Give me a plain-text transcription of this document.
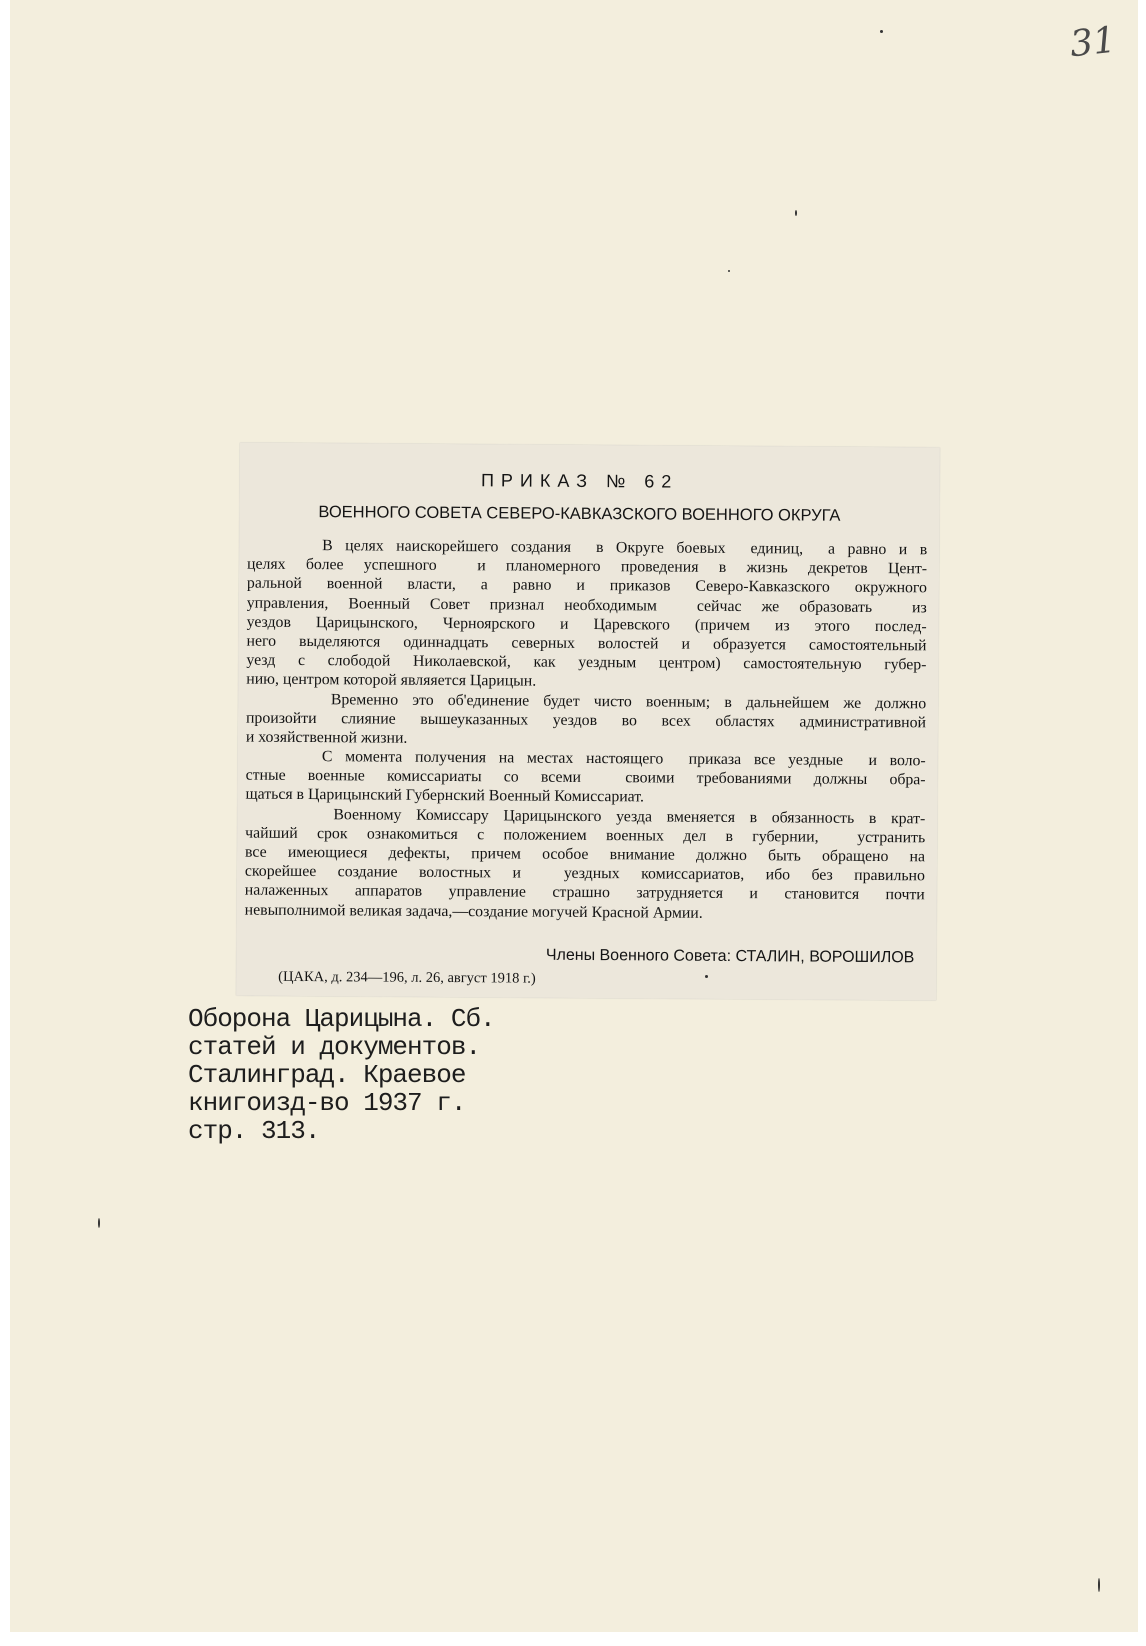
31
ПРИКАЗ № 62
ВОЕННОГО СОВЕТА СЕВЕРО-КАВКАЗСКОГО ВОЕННОГО ОКРУГА
В целях наискорейшего создания  в Округе боевых  единиц,  а равно и в
целях более успешного  и планомерного проведения в жизнь декретов Цент-
ральной военной власти, а равно и приказов Северо-Кавказского окружного
управления, Военный Совет признал необходимым  сейчас же образовать  из
уездов Царицынского, Черноярского и Царевского (причем из этого послед-
него выделяются одиннадцать северных волостей и образуется самостоятельный
уезд с слободой Николаевской, как уездным центром) самостоятельную губер-
нию, центром которой являяется Царицын.
Временно это об'единение будет чисто военным; в дальнейшем же должно
произойти слияние вышеуказанных уездов во всех областях административной
и хозяйственной жизни.
С момента получения на местах настоящего  приказа все уездные  и воло-
стные военные комиссариаты со всеми  своими требованиями должны обра-
щаться в Царицынский Губернский Военный Комиссариат.
Военному Комиссару Царицынского уезда вменяется в обязанность в крат-
чайший срок ознакомиться с положением военных дел в губернии,  устранить
все имеющиеся дефекты, причем особое внимание должно быть обращено на
скорейшее создание волостных и  уездных комиссариатов, ибо без правильно
налаженных аппаратов управление страшно затрудняется и становится почти
невыполнимой великая задача,—создание могучей Красной Армии.
Члены Военного Совета: СТАЛИН, ВОРОШИЛОВ
(ЦАКА, д. 234—196, л. 26, август 1918 г.)
Оборона Царицына. Сб.
статей и документов.
Сталинград. Краевое
книгоизд-во 1937 г.
стр. 313.
